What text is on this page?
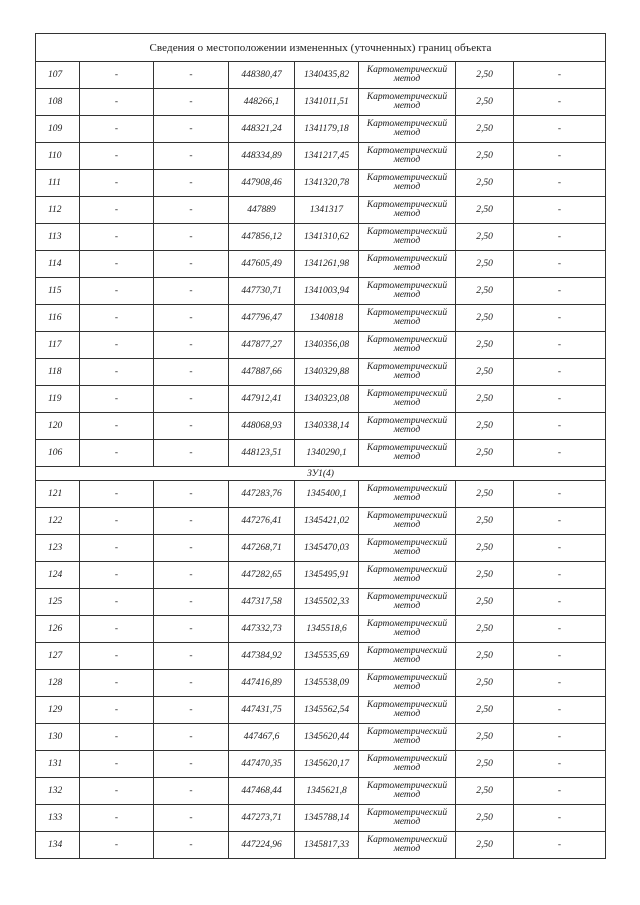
Сведения о местоположении измененных (уточненных) границ объекта							
107	-	-	448380,47	1340435,82	Картометрический
метод	2,50	-
108	-	-	448266,1	1341011,51	Картометрический
метод	2,50	-
109	-	-	448321,24	1341179,18	Картометрический
метод	2,50	-
110	-	-	448334,89	1341217,45	Картометрический
метод	2,50	-
111	-	-	447908,46	1341320,78	Картометрический
метод	2,50	-
112	-	-	447889	1341317	Картометрический
метод	2,50	-
113	-	-	447856,12	1341310,62	Картометрический
метод	2,50	-
114	-	-	447605,49	1341261,98	Картометрический
метод	2,50	-
115	-	-	447730,71	1341003,94	Картометрический
метод	2,50	-
116	-	-	447796,47	1340818	Картометрический
метод	2,50	-
117	-	-	447877,27	1340356,08	Картометрический
метод	2,50	-
118	-	-	447887,66	1340329,88	Картометрический
метод	2,50	-
119	-	-	447912,41	1340323,08	Картометрический
метод	2,50	-
120	-	-	448068,93	1340338,14	Картометрический
метод	2,50	-
106	-	-	448123,51	1340290,1	Картометрический
метод	2,50	-
ЗУ1(4)							
121	-	-	447283,76	1345400,1	Картометрический
метод	2,50	-
122	-	-	447276,41	1345421,02	Картометрический
метод	2,50	-
123	-	-	447268,71	1345470,03	Картометрический
метод	2,50	-
124	-	-	447282,65	1345495,91	Картометрический
метод	2,50	-
125	-	-	447317,58	1345502,33	Картометрический
метод	2,50	-
126	-	-	447332,73	1345518,6	Картометрический
метод	2,50	-
127	-	-	447384,92	1345535,69	Картометрический
метод	2,50	-
128	-	-	447416,89	1345538,09	Картометрический
метод	2,50	-
129	-	-	447431,75	1345562,54	Картометрический
метод	2,50	-
130	-	-	447467,6	1345620,44	Картометрический
метод	2,50	-
131	-	-	447470,35	1345620,17	Картометрический
метод	2,50	-
132	-	-	447468,44	1345621,8	Картометрический
метод	2,50	-
133	-	-	447273,71	1345788,14	Картометрический
метод	2,50	-
134	-	-	447224,96	1345817,33	Картометрический
метод	2,50	-
